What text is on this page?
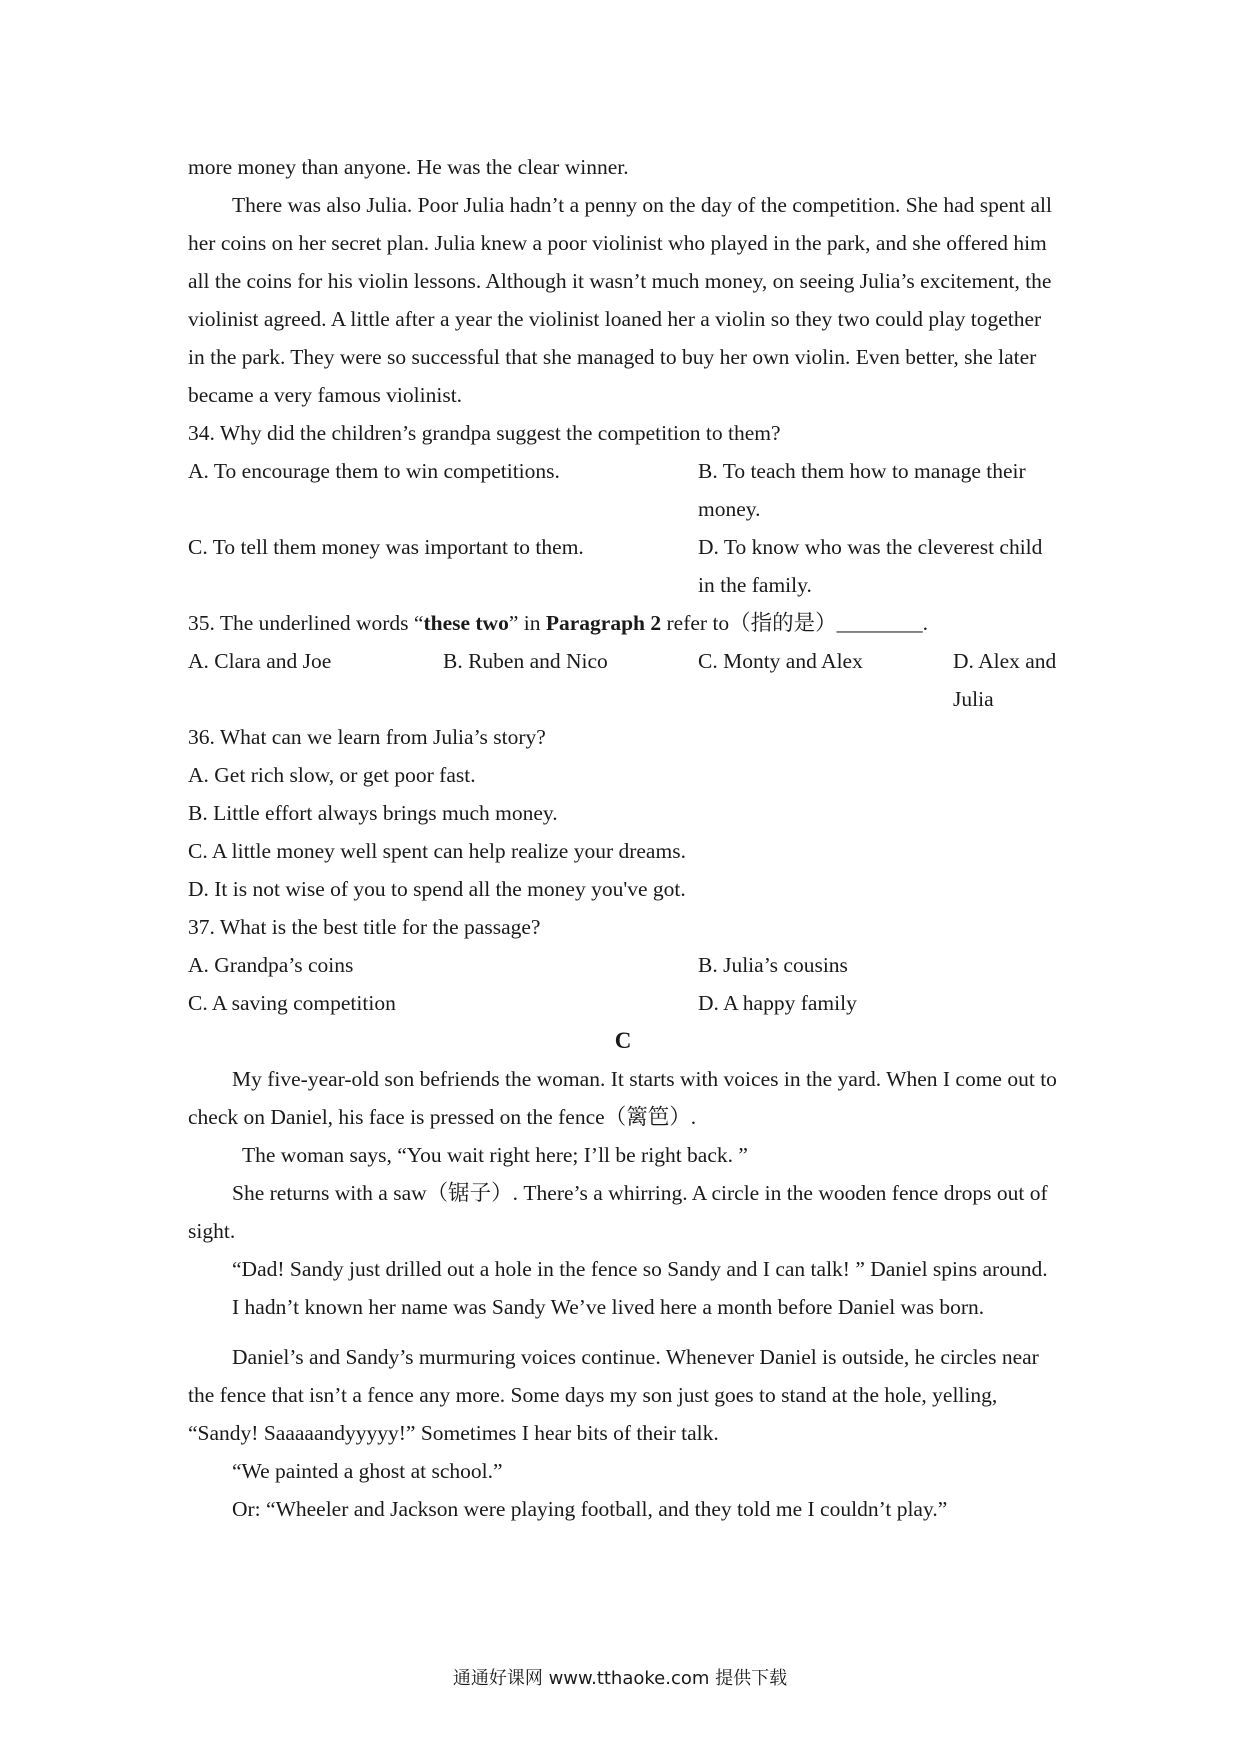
more money than anyone. He was the clear winner.

There was also Julia. Poor Julia hadn’t a penny on the day of the competition. She had spent all her coins on her secret plan. Julia knew a poor violinist who played in the park, and she offered him all the coins for his violin lessons. Although it wasn’t much money, on seeing Julia’s excitement, the violinist agreed. A little after a year the violinist loaned her a violin so they two could play together in the park. They were so successful that she managed to buy her own violin. Even better, she later became a very famous violinist.

34. Why did the children’s grandpa suggest the competition to them?

A. To encourage them to win competitions.	B. To teach them how to manage their money.
C. To tell them money was important to them.	D. To know who was the cleverest child in the family.

35. The underlined words “these two” in Paragraph 2 refer to（指的是）________.

A. Clara and Joe	B. Ruben and Nico	C. Monty and Alex	D. Alex and Julia

36. What can we learn from Julia’s story?

A. Get rich slow, or get poor fast.

B. Little effort always brings much money.

C. A little money well spent can help realize your dreams.

D. It is not wise of you to spend all the money you've got.

37. What is the best title for the passage?

A. Grandpa’s coins	B. Julia’s cousins
C. A saving competition	D. A happy family

C

My five-year-old son befriends the woman. It starts with voices in the yard. When I come out to check on Daniel, his face is pressed on the fence（篱笆）.

The woman says, “You wait right here; I’ll be right back. ”

She returns with a saw（锯子）. There’s a whirring. A circle in the wooden fence drops out of sight.

“Dad! Sandy just drilled out a hole in the fence so Sandy and I can talk! ” Daniel spins around.

I hadn’t known her name was Sandy We’ve lived here a month before Daniel was born.

Daniel’s and Sandy’s murmuring voices continue. Whenever Daniel is outside, he circles near the fence that isn’t a fence any more. Some days my son just goes to stand at the hole, yelling, “Sandy! Saaaaandyyyyy!” Sometimes I hear bits of their talk.

“We painted a ghost at school.”

Or: “Wheeler and Jackson were playing football, and they told me I couldn’t play.”

通通好课网 www.tthaoke.com 提供下载
